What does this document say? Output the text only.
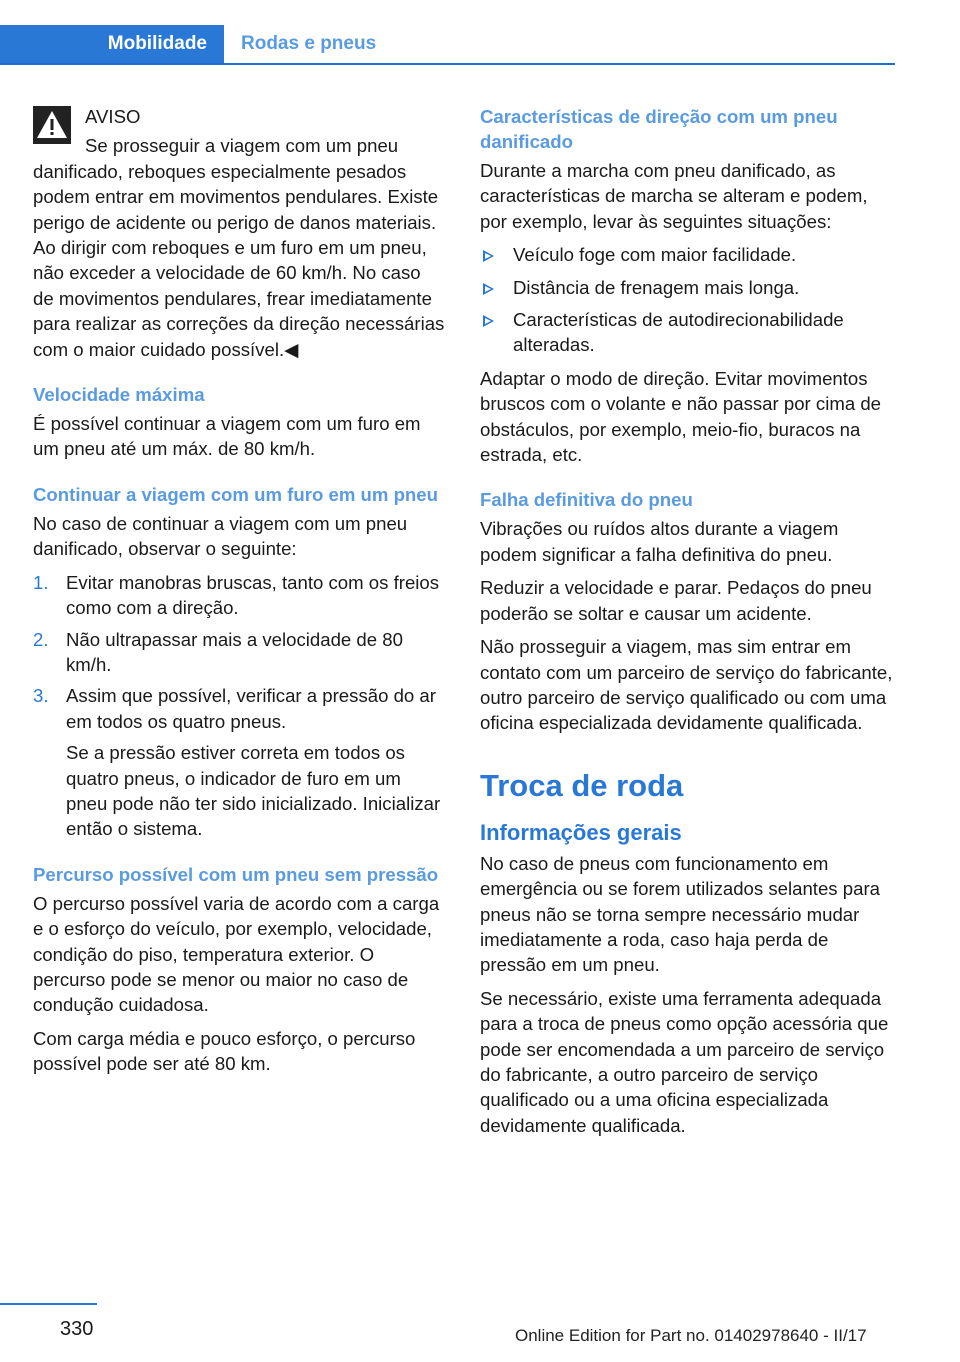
Mobilidade	Rodas e pneus
AVISO
Se prosseguir a viagem com um pneu
danificado, reboques especialmente pesados podem entrar em movimentos pendulares. Existe perigo de acidente ou perigo de danos materiais. Ao dirigir com reboques e um furo em um pneu, não exceder a velocidade de 60 km/h. No caso de movimentos pendulares, frear imediatamente para realizar as correções da direção necessárias com o maior cuidado possível.◀
Velocidade máxima

É possível continuar a viagem com um furo em um pneu até um máx. de 80 km/h.

Continuar a viagem com um furo em um pneu

No caso de continuar a viagem com um pneu danificado, observar o seguinte:

1. Evitar manobras bruscas, tanto com os freios como com a direção.
2. Não ultrapassar mais a velocidade de 80 km/h.
3. Assim que possível, verificar a pressão do ar em todos os quatro pneus.
Se a pressão estiver correta em todos os quatro pneus, o indicador de furo em um pneu pode não ter sido inicializado. Inicializar então o sistema.
Percurso possível com um pneu sem pressão

O percurso possível varia de acordo com a carga e o esforço do veículo, por exemplo, velocidade, condição do piso, temperatura exterior. O percurso pode se menor ou maior no caso de condução cuidadosa.

Com carga média e pouco esforço, o percurso possível pode ser até 80 km.

Características de direção com um pneu danificado

Durante a marcha com pneu danificado, as características de marcha se alteram e podem, por exemplo, levar às seguintes situações:

Veículo foge com maior facilidade.
Distância de frenagem mais longa.
Características de autodirecionabilidade alteradas.

Adaptar o modo de direção. Evitar movimentos bruscos com o volante e não passar por cima de obstáculos, por exemplo, meio-fio, buracos na estrada, etc.

Falha definitiva do pneu

Vibrações ou ruídos altos durante a viagem podem significar a falha definitiva do pneu.

Reduzir a velocidade e parar. Pedaços do pneu poderão se soltar e causar um acidente.

Não prosseguir a viagem, mas sim entrar em contato com um parceiro de serviço do fabricante, outro parceiro de serviço qualificado ou com uma oficina especializada devidamente qualificada.

Troca de roda
Informações gerais

No caso de pneus com funcionamento em emergência ou se forem utilizados selantes para pneus não se torna sempre necessário mudar imediatamente a roda, caso haja perda de pressão em um pneu.

Se necessário, existe uma ferramenta adequada para a troca de pneus como opção acessória que pode ser encomendada a um parceiro de serviço do fabricante, a outro parceiro de serviço qualificado ou a uma oficina especializada devidamente qualificada.

330	Online Edition for Part no. 01402978640 - II/17
